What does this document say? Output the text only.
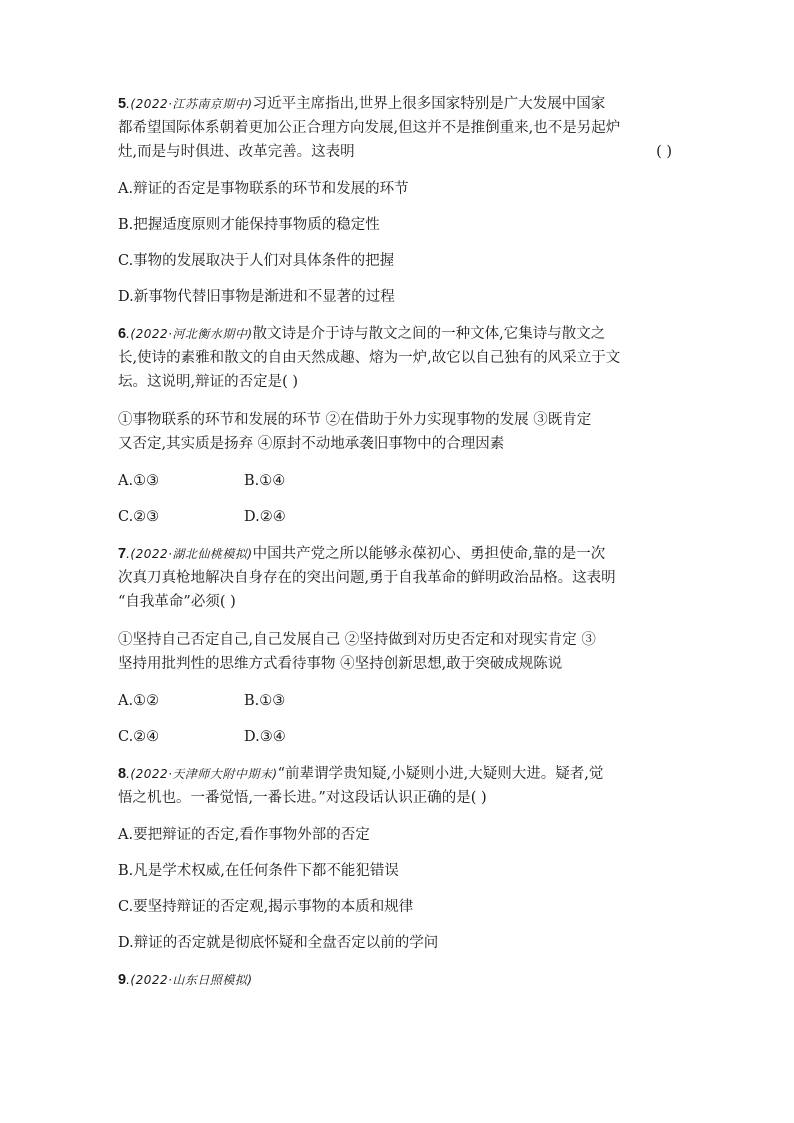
5.(2022·江苏南京期中)习近平主席指出,世界上很多国家特别是广大发展中国家
都希望国际体系朝着更加公正合理方向发展,但这并不是推倒重来,也不是另起炉
灶,而是与时俱进、改革完善。这表明	( )

A.辩证的否定是事物联系的环节和发展的环节

B.把握适度原则才能保持事物质的稳定性

C.事物的发展取决于人们对具体条件的把握

D.新事物代替旧事物是渐进和不显著的过程

6.(2022·河北衡水期中)散文诗是介于诗与散文之间的一种文体,它集诗与散文之
长,使诗的素雅和散文的自由天然成趣、熔为一炉,故它以自己独有的风采立于文
坛。这说明,辩证的否定是( )

①事物联系的环节和发展的环节 ②在借助于外力实现事物的发展 ③既肯定
又否定,其实质是扬弃 ④原封不动地承袭旧事物中的合理因素

A.①③	B.①④
C.②③	D.②④

7.(2022·湖北仙桃模拟)中国共产党之所以能够永葆初心、勇担使命,靠的是一次
次真刀真枪地解决自身存在的突出问题,勇于自我革命的鲜明政治品格。这表明
“自我革命”必须( )

①坚持自己否定自己,自己发展自己 ②坚持做到对历史否定和对现实肯定 ③
坚持用批判性的思维方式看待事物 ④坚持创新思想,敢于突破成规陈说

A.①②	B.①③
C.②④	D.③④

8.(2022·天津师大附中期末)“前辈谓学贵知疑,小疑则小进,大疑则大进。疑者,觉
悟之机也。一番觉悟,一番长进。”对这段话认识正确的是( )

A.要把辩证的否定,看作事物外部的否定

B.凡是学术权威,在任何条件下都不能犯错误

C.要坚持辩证的否定观,揭示事物的本质和规律

D.辩证的否定就是彻底怀疑和全盘否定以前的学问

9.(2022·山东日照模拟)
